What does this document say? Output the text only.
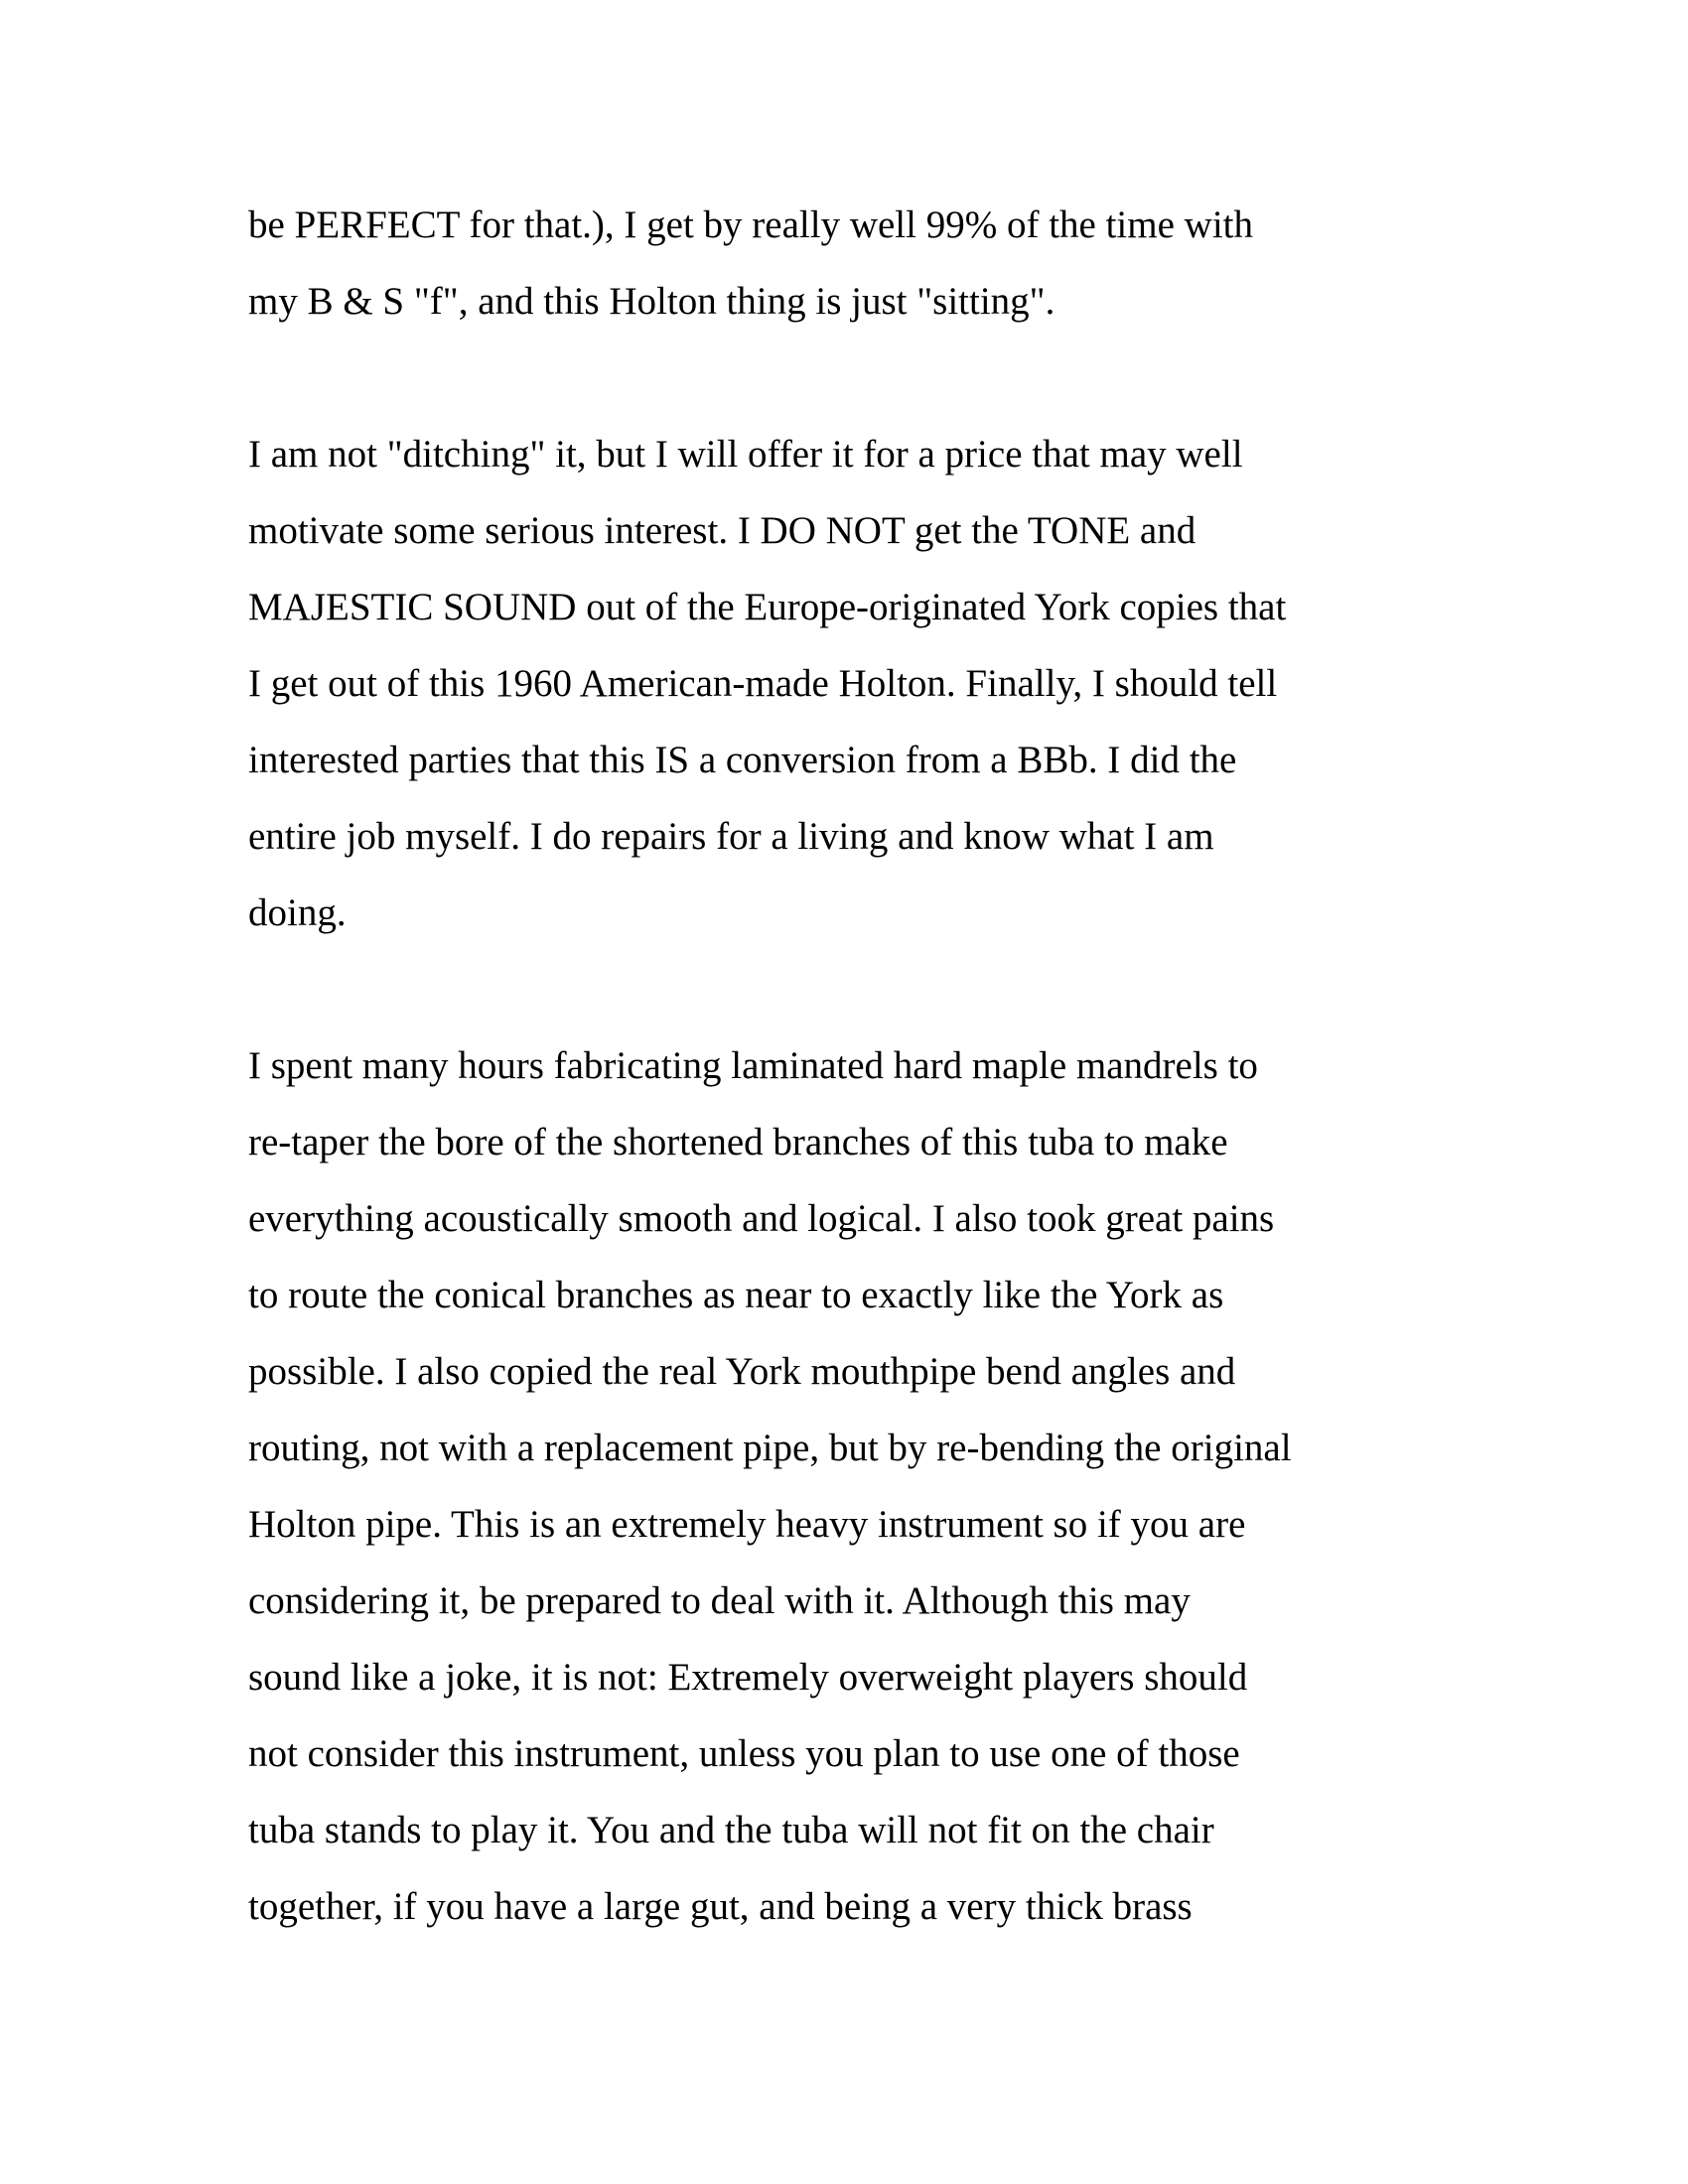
be PERFECT for that.), I get by really well 99% of the time with
my B & S "f", and this Holton thing is just "sitting".
I am not "ditching" it, but I will offer it for a price that may well
motivate some serious interest. I DO NOT get the TONE and
MAJESTIC SOUND out of the Europe-originated York copies that
I get out of this 1960 American-made Holton. Finally, I should tell
interested parties that this IS a conversion from a BBb. I did the
entire job myself. I do repairs for a living and know what I am
doing.
I spent many hours fabricating laminated hard maple mandrels to
re-taper the bore of the shortened branches of this tuba to make
everything acoustically smooth and logical. I also took great pains
to route the conical branches as near to exactly like the York as
possible. I also copied the real York mouthpipe bend angles and
routing, not with a replacement pipe, but by re-bending the original
Holton pipe. This is an extremely heavy instrument so if you are
considering it, be prepared to deal with it. Although this may
sound like a joke, it is not: Extremely overweight players should
not consider this instrument, unless you plan to use one of those
tuba stands to play it. You and the tuba will not fit on the chair
together, if you have a large gut, and being a very thick brass
